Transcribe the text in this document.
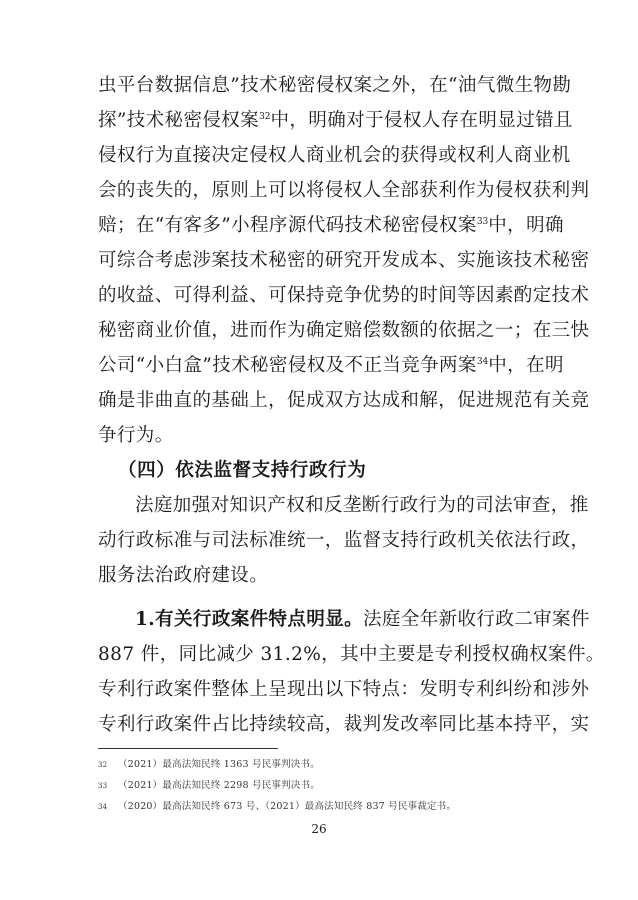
虫平台数据信息”技术秘密侵权案之外，在“油气微生物勘
探”技术秘密侵权案$^{32}$中，明确对于侵权人存在明显过错且
侵权行为直接决定侵权人商业机会的获得或权利人商业机
会的丧失的，原则上可以将侵权人全部获利作为侵权获利判
赔；在“有客多”小程序源代码技术秘密侵权案$^{33}$中，明确
可综合考虑涉案技术秘密的研究开发成本、实施该技术秘密
的收益、可得利益、可保持竞争优势的时间等因素酌定技术
秘密商业价值，进而作为确定赔偿数额的依据之一；在三快
公司“小白盒”技术秘密侵权及不正当竞争两案$^{34}$中，在明
确是非曲直的基础上，促成双方达成和解，促进规范有关竞
争行为。
（四）依法监督支持行政行为
法庭加强对知识产权和反垄断行政行为的司法审查，推
动行政标准与司法标准统一，监督支持行政机关依法行政，
服务法治政府建设。
1.有关行政案件特点明显。法庭全年新收行政二审案件
887 件，同比减少 31.2%，其中主要是专利授权确权案件。
专利行政案件整体上呈现出以下特点：发明专利纠纷和涉外
专利行政案件占比持续较高，裁判发改率同比基本持平，实
32 （2021）最高法知民终 1363 号民事判决书。
33 （2021）最高法知民终 2298 号民事判决书。
34 （2020）最高法知民终 673 号、（2021）最高法知民终 837 号民事裁定书。
26
